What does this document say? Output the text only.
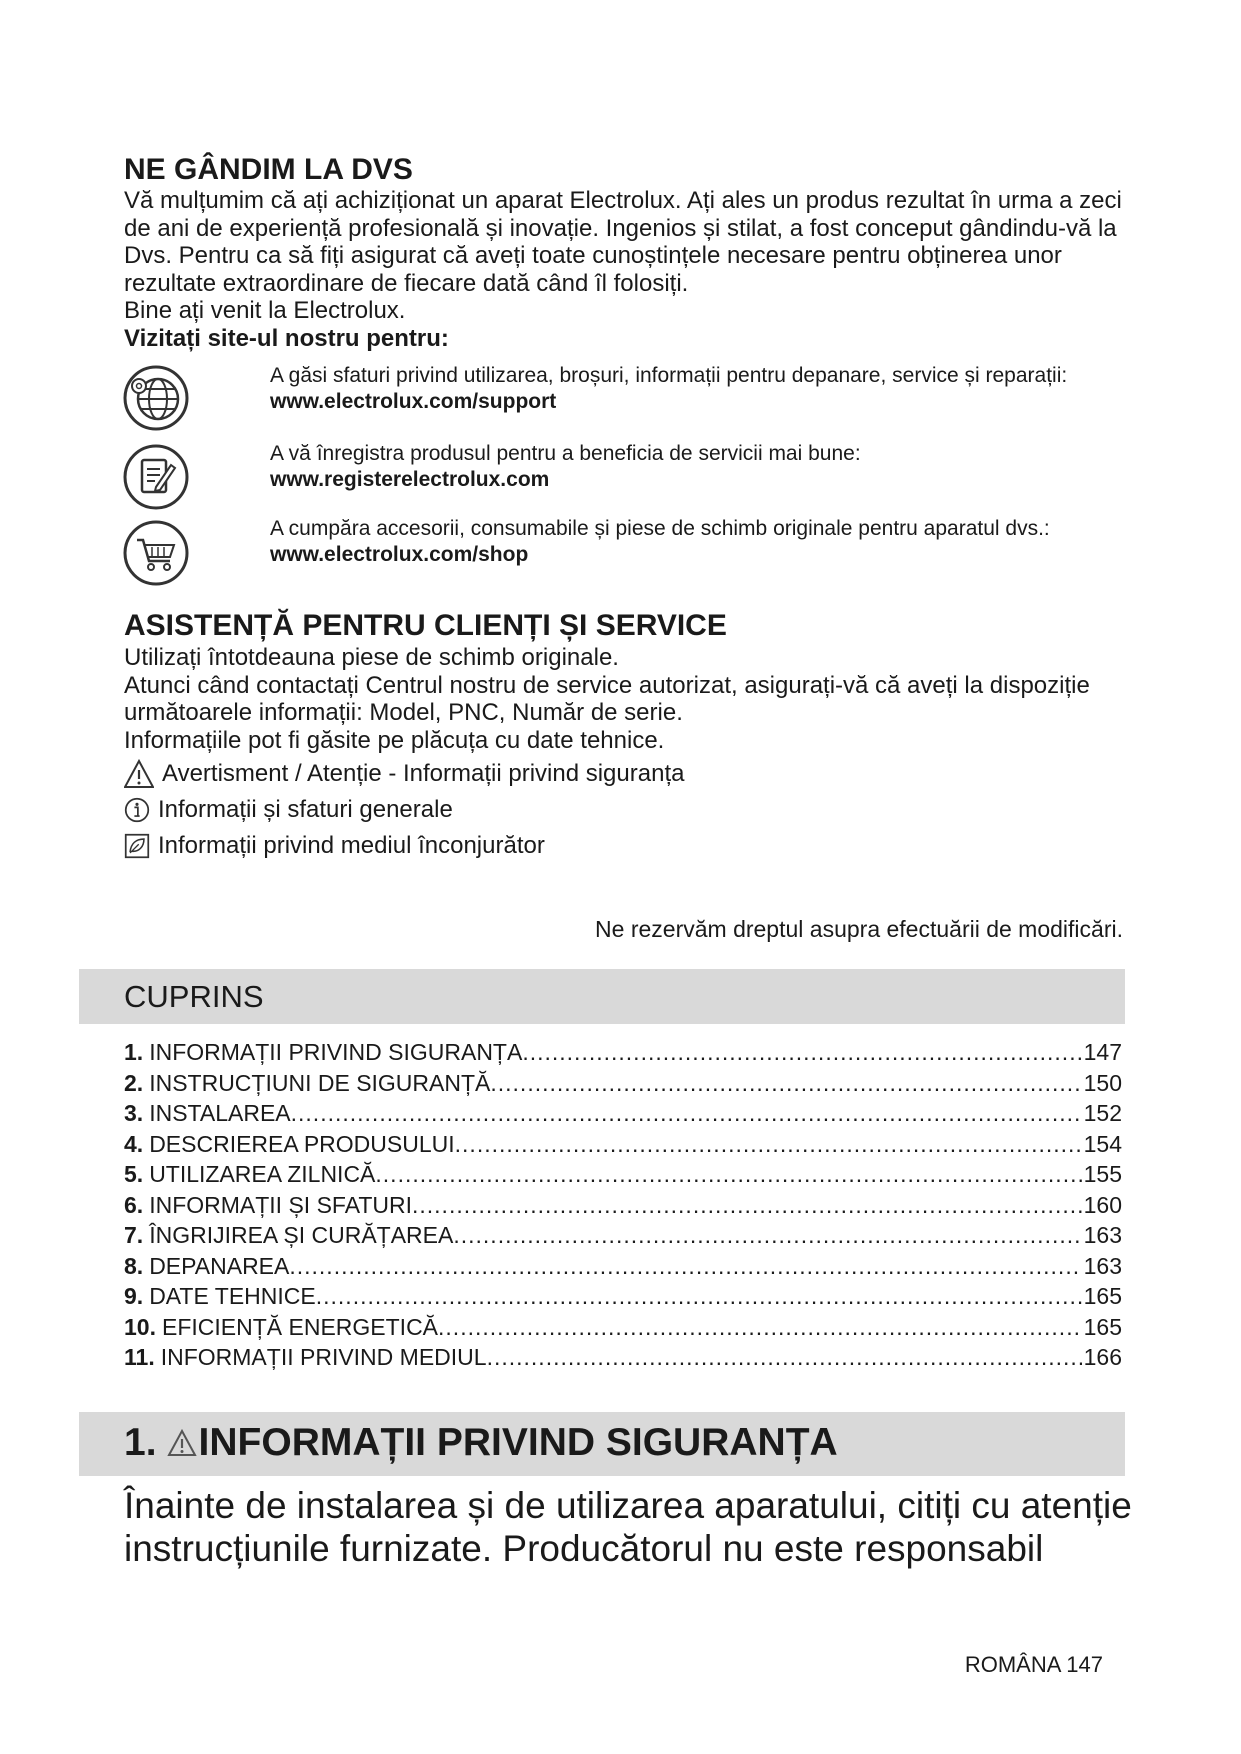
NE GÂNDIM LA DVS

Vă mulțumim că ați achiziționat un aparat Electrolux. Ați ales un produs rezultat în urma a zeci de ani de experiență profesională și inovație. Ingenios și stilat, a fost conceput gândindu-vă la Dvs. Pentru ca să fiți asigurat că aveți toate cunoștințele necesare pentru obținerea unor rezultate extraordinare de fiecare dată când îl folosiți.

Bine ați venit la Electrolux.

Vizitați site-ul nostru pentru:

A găsi sfaturi privind utilizarea, broșuri, informații pentru depanare, service și reparații:

www.electrolux.com/support

A vă înregistra produsul pentru a beneficia de servicii mai bune:

www.registerelectrolux.com

A cumpăra accesorii, consumabile și piese de schimb originale pentru aparatul dvs.:

www.electrolux.com/shop

ASISTENȚĂ PENTRU CLIENȚI ȘI SERVICE

Utilizați întotdeauna piese de schimb originale.

Atunci când contactați Centrul nostru de service autorizat, asigurați-vă că aveți la dispoziție următoarele informații: Model, PNC, Număr de serie.

Informațiile pot fi găsite pe plăcuța cu date tehnice.

Avertisment / Atenție - Informații privind siguranța
Informații și sfaturi generale
Informații privind mediul înconjurător
Ne rezervăm dreptul asupra efectuării de modificări.
CUPRINS
1. INFORMAȚII PRIVIND SIGURANȚA .....	147
2. INSTRUCȚIUNI DE SIGURANȚĂ .....	150
3. INSTALAREA .....	152
4. DESCRIEREA PRODUSULUI .....	154
5. UTILIZAREA ZILNICĂ .....	155
6. INFORMAȚII ȘI SFATURI .....	160
7. ÎNGRIJIREA ȘI CURĂȚAREA .....	163
8. DEPANAREA .....	163
9. DATE TEHNICE .....	165
10. EFICIENȚĂ ENERGETICĂ .....	165
11. INFORMAȚII PRIVIND MEDIUL .....	166
1. INFORMAȚII PRIVIND SIGURANȚA

Înainte de instalarea și de utilizarea aparatului, citiți cu atenție

instrucțiunile furnizate. Producătorul nu este responsabil

ROMÂNA 147
